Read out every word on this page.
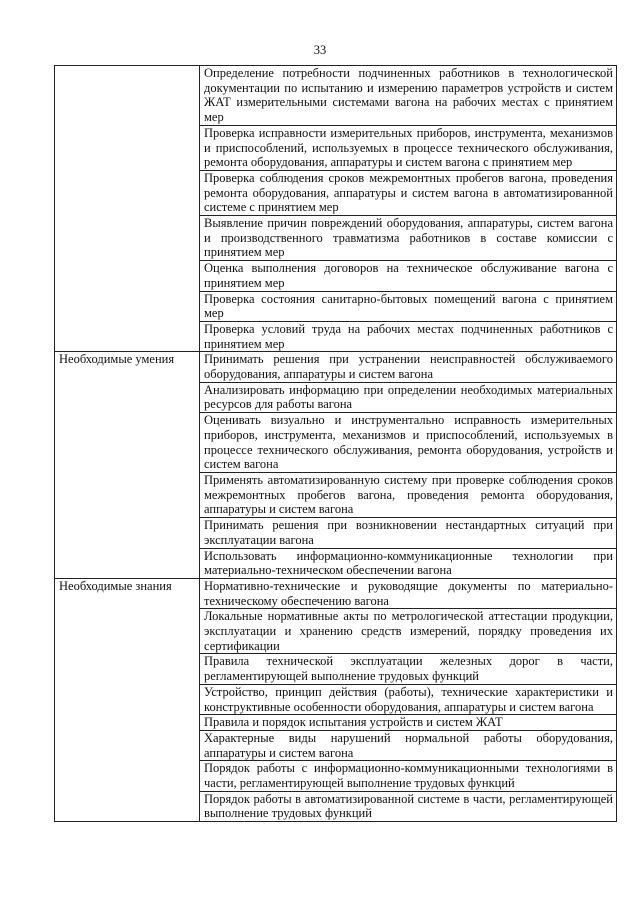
33
	Определение потребности подчиненных работников в технологической документации по испытанию и измерению параметров устройств и систем ЖАТ измерительными системами вагона на рабочих местах с принятием мер
	Проверка исправности измерительных приборов, инструмента, механизмов и приспособлений, используемых в процессе технического обслуживания, ремонта оборудования, аппаратуры и систем вагона с принятием мер
	Проверка соблюдения сроков межремонтных пробегов вагона, проведения ремонта оборудования, аппаратуры и систем вагона в автоматизированной системе с принятием мер
	Выявление причин повреждений оборудования, аппаратуры, систем вагона и производственного травматизма работников в составе комиссии с принятием мер
	Оценка выполнения договоров на техническое обслуживание вагона с принятием мер
	Проверка состояния санитарно-бытовых помещений вагона с принятием мер
	Проверка условий труда на рабочих местах подчиненных работников с принятием мер
Необходимые умения	Принимать решения при устранении неисправностей обслуживаемого оборудования, аппаратуры и систем вагона
	Анализировать информацию при определении необходимых материальных ресурсов для работы вагона
	Оценивать визуально и инструментально исправность измерительных приборов, инструмента, механизмов и приспособлений, используемых в процессе технического обслуживания, ремонта оборудования, устройств и систем вагона
	Применять автоматизированную систему при проверке соблюдения сроков межремонтных пробегов вагона, проведения ремонта оборудования, аппаратуры и систем вагона
	Принимать решения при возникновении нестандартных ситуаций при эксплуатации вагона
	Использовать информационно-коммуникационные технологии при материально-техническом обеспечении вагона
Необходимые знания	Нормативно-технические и руководящие документы по материально-техническому обеспечению вагона
	Локальные нормативные акты по метрологической аттестации продукции, эксплуатации и хранению средств измерений, порядку проведения их сертификации
	Правила технической эксплуатации железных дорог в части, регламентирующей выполнение трудовых функций
	Устройство, принцип действия (работы), технические характеристики и конструктивные особенности оборудования, аппаратуры и систем вагона
	Правила и порядок испытания устройств и систем ЖАТ
	Характерные виды нарушений нормальной работы оборудования, аппаратуры и систем вагона
	Порядок работы с информационно-коммуникационными технологиями в части, регламентирующей выполнение трудовых функций
	Порядок работы в автоматизированной системе в части, регламентирующей выполнение трудовых функций
